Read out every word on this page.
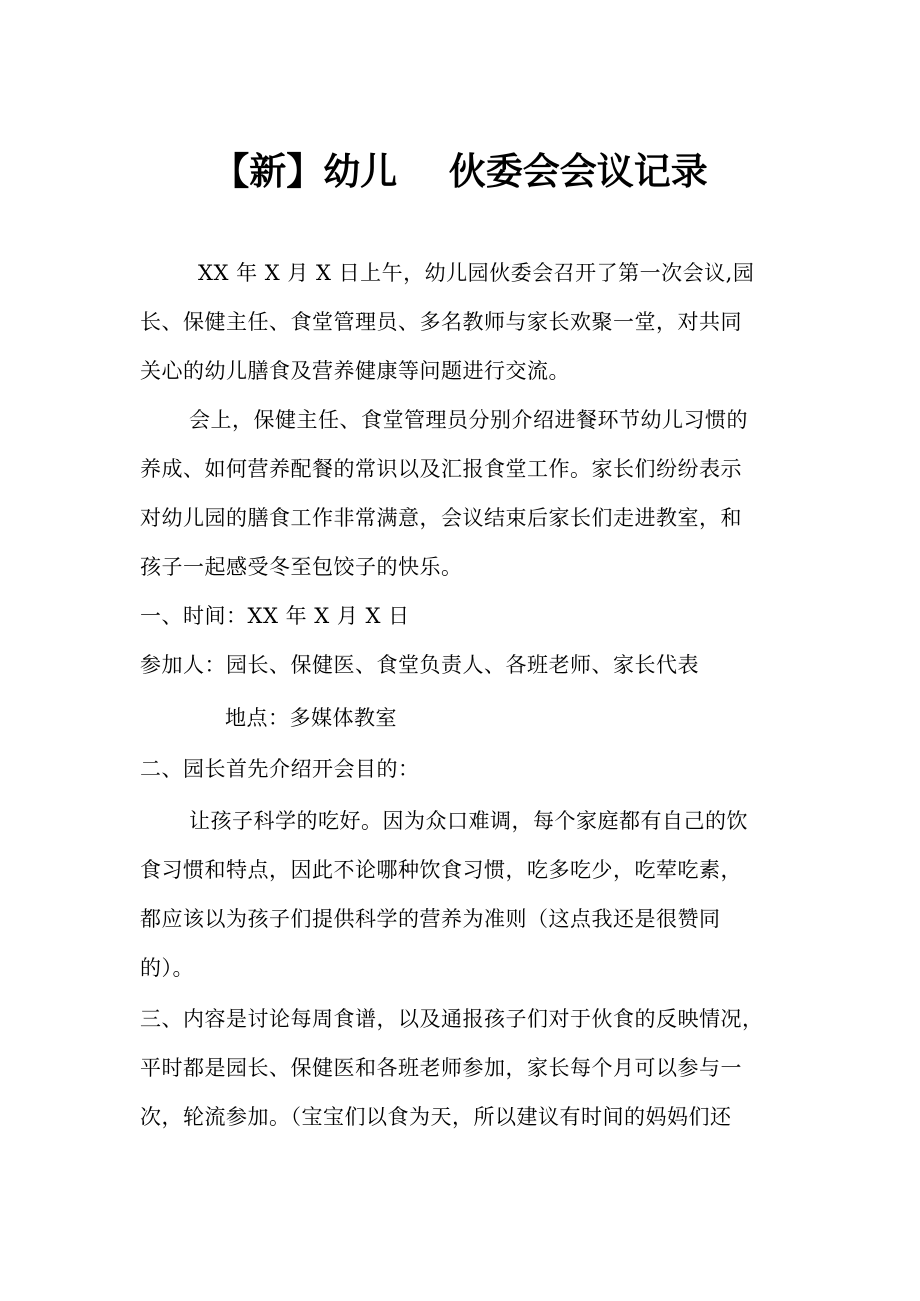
【新】幼儿    伙委会会议记录

XX 年 X 月 X 日上午，幼儿园伙委会召开了第一次会议,园

长、保健主任、食堂管理员、多名教师与家长欢聚一堂，对共同

关心的幼儿膳食及营养健康等问题进行交流。

会上，保健主任、食堂管理员分别介绍进餐环节幼儿习惯的

养成、如何营养配餐的常识以及汇报食堂工作。家长们纷纷表示

对幼儿园的膳食工作非常满意，会议结束后家长们走进教室，和

孩子一起感受冬至包饺子的快乐。

一、时间：XX 年 X 月 X 日

参加人：园长、保健医、食堂负责人、各班老师、家长代表

地点：多媒体教室

二、园长首先介绍开会目的：

让孩子科学的吃好。因为众口难调，每个家庭都有自己的饮

食习惯和特点，因此不论哪种饮食习惯，吃多吃少，吃荤吃素，

都应该以为孩子们提供科学的营养为准则（这点我还是很赞同

的）。

三、内容是讨论每周食谱，以及通报孩子们对于伙食的反映情况，

平时都是园长、保健医和各班老师参加，家长每个月可以参与一

次，轮流参加。（宝宝们以食为天，所以建议有时间的妈妈们还
